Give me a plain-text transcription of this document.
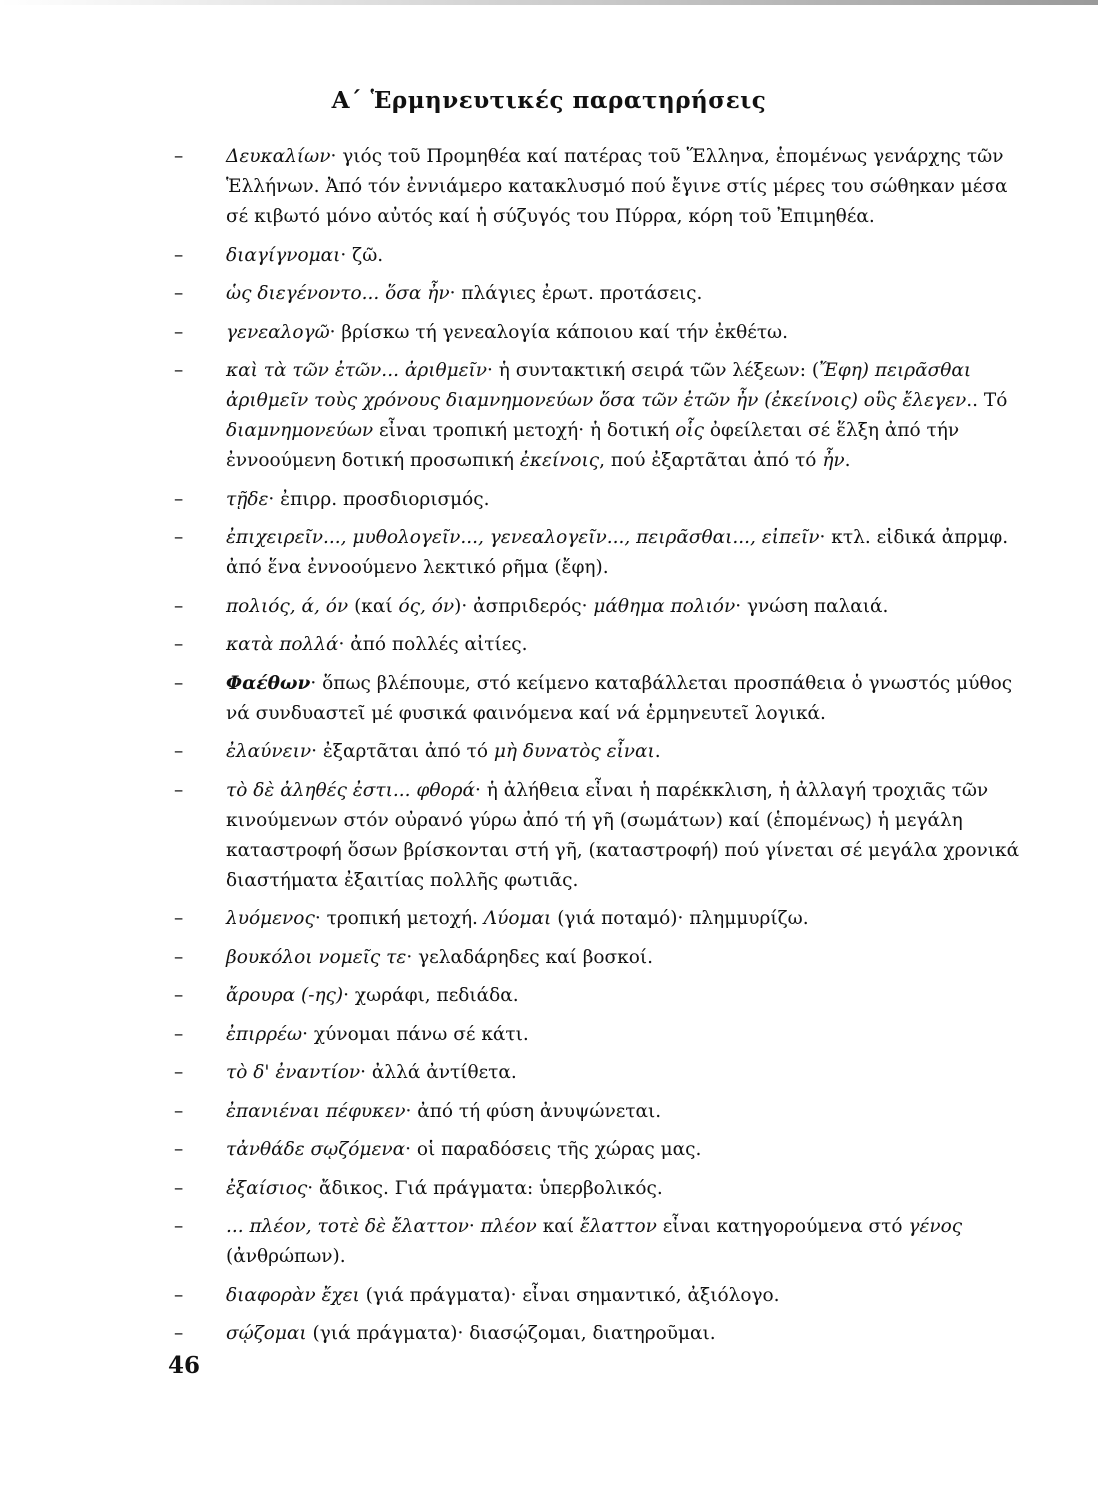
Α΄ Ἑρμηνευτικές παρατηρήσεις
– Δευκαλίων· γιός τοῦ Προμηθέα καί πατέρας τοῦ Ἕλληνα, ἑπομένως γενάρχης τῶν Ἑλλήνων. Ἀπό τόν ἐννιάμερο κατακλυσμό πού ἔγινε στίς μέρες του σώθηκαν μέσα σέ κιβωτό μόνο αὐτός καί ἡ σύζυγός του Πύρρα, κόρη τοῦ Ἐπιμηθέα.
– διαγίγνομαι· ζῶ.
– ὡς διεγένοντο... ὅσα ἦν· πλάγιες ἐρωτ. προτάσεις.
– γενεαλογῶ· βρίσκω τή γενεαλογία κάποιου καί τήν ἐκθέτω.
– καὶ τὰ τῶν ἐτῶν... ἀριθμεῖν· ἡ συντακτική σειρά τῶν λέξεων: (Ἔφη) πειρᾶσθαι ἀριθμεῖν τοὺς χρόνους διαμνημονεύων ὅσα τῶν ἐτῶν ἦν (ἐκείνοις) οὓς ἔλεγεν.. Τό διαμνημονεύων εἶναι τροπική μετοχή· ἡ δοτική οἷς ὀφείλεται σέ ἕλξη ἀπό τήν ἐννοούμενη δοτική προσωπική ἐκείνοις, πού ἐξαρτᾶται ἀπό τό ἦν.
– τῇδε· ἐπιρρ. προσδιορισμός.
– ἐπιχειρεῖν..., μυθολογεῖν..., γενεαλογεῖν..., πειρᾶσθαι..., εἰπεῖν· κτλ. εἰδικά ἀπρμφ. ἀπό ἕνα ἐννοούμενο λεκτικό ρῆμα (ἔφη).
– πολιός, ά, όν (καί ός, όν)· ἀσπριδερός· μάθημα πολιόν· γνώση παλαιά.
– κατὰ πολλά· ἀπό πολλές αἰτίες.
– Φαέθων· ὅπως βλέπουμε, στό κείμενο καταβάλλεται προσπάθεια ὁ γνωστός μύθος νά συνδυαστεῖ μέ φυσικά φαινόμενα καί νά ἑρμηνευτεῖ λογικά.
– ἐλαύνειν· ἐξαρτᾶται ἀπό τό μὴ δυνατὸς εἶναι.
– τὸ δὲ ἀληθές ἐστι... φθορά· ἡ ἀλήθεια εἶναι ἡ παρέκκλιση, ἡ ἀλλαγή τροχιᾶς τῶν κινούμενων στόν οὐρανό γύρω ἀπό τή γῆ (σωμάτων) καί (ἑπομένως) ἡ μεγάλη καταστροφή ὅσων βρίσκονται στή γῆ, (καταστροφή) πού γίνεται σέ μεγάλα χρονικά διαστήματα ἐξαιτίας πολλῆς φωτιᾶς.
– λυόμενος· τροπική μετοχή. Λύομαι (γιά ποταμό)· πλημμυρίζω.
– βουκόλοι νομεῖς τε· γελαδάρηδες καί βοσκοί.
– ἄρουρα (-ης)· χωράφι, πεδιάδα.
– ἐπιρρέω· χύνομαι πάνω σέ κάτι.
– τὸ δ' ἐναντίον· ἀλλά ἀντίθετα.
– ἐπανιέναι πέφυκεν· ἀπό τή φύση ἀνυψώνεται.
– τἀνθάδε σῳζόμενα· οἱ παραδόσεις τῆς χώρας μας.
– ἐξαίσιος· ἄδικος. Γιά πράγματα: ὑπερβολικός.
– ... πλέον, τοτὲ δὲ ἔλαττον· πλέον καί ἔλαττον εἶναι κατηγορούμενα στό γένος (ἀνθρώπων).
– διαφορὰν ἔχει (γιά πράγματα)· εἶναι σημαντικό, ἀξιόλογο.
– σῴζομαι (γιά πράγματα)· διασῴζομαι, διατηροῦμαι.
46
